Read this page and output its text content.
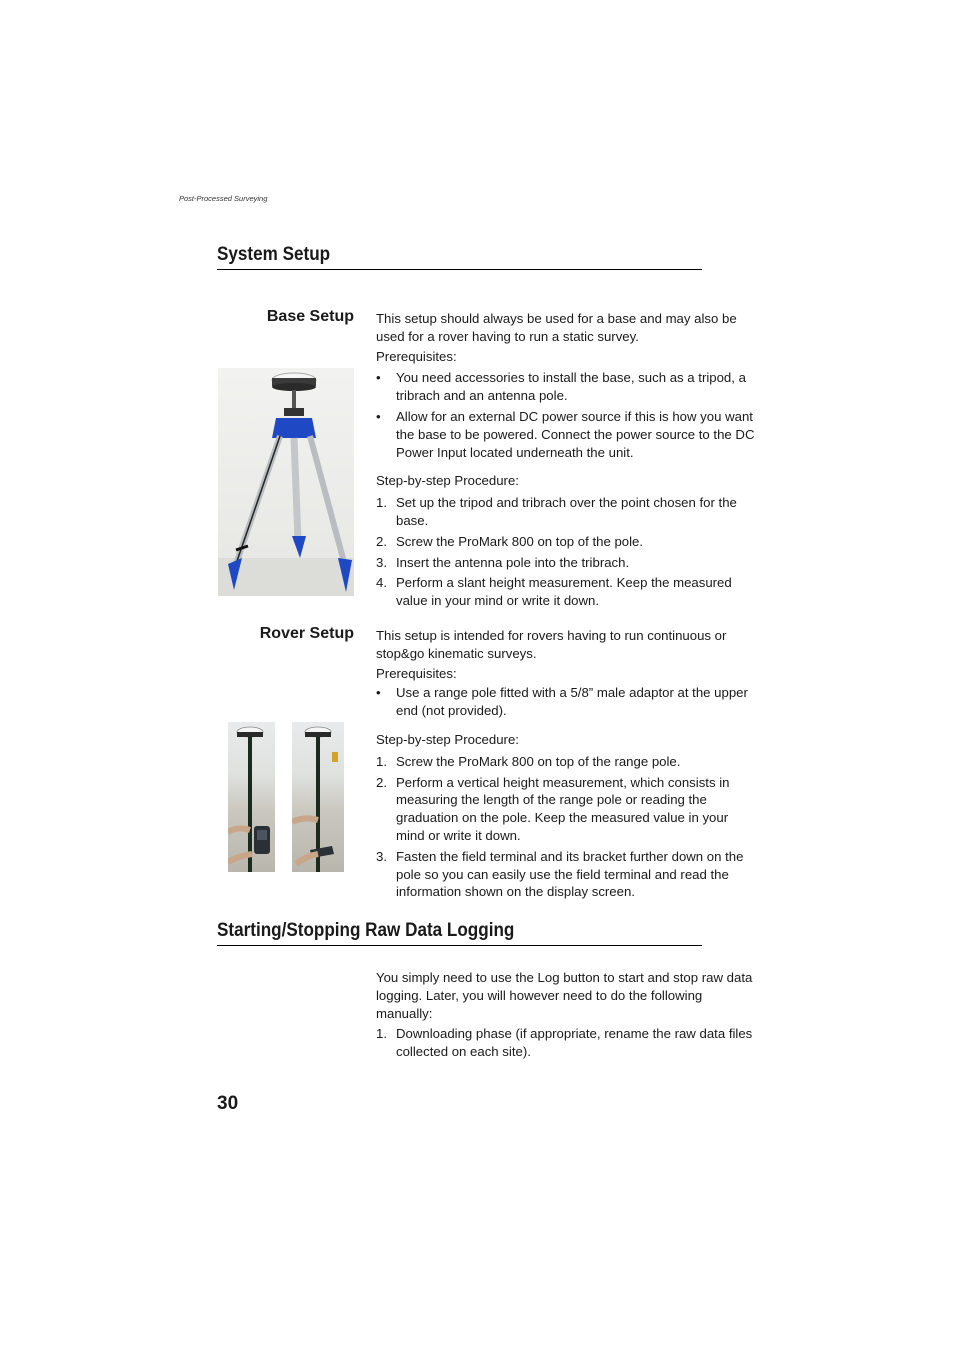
Post-Processed Surveying
System Setup
Base Setup This setup should always be used for a base and may also be used for a rover having to run a static survey.

Prerequisites:

• You need accessories to install the base, such as a tripod, a tribrach and an antenna pole.
• Allow for an external DC power source if this is how you want the base to be powered. Connect the power source to the DC Power Input located underneath the unit.

Step-by-step Procedure:

1. Set up the tripod and tribrach over the point chosen for the base.
2. Screw the ProMark 800 on top of the pole.
3. Insert the antenna pole into the tribrach.
4. Perform a slant height measurement. Keep the measured value in your mind or write it down.
Rover Setup This setup is intended for rovers having to run continuous or stop&go kinematic surveys.

Prerequisites:

• Use a range pole fitted with a 5/8” male adaptor at the upper end (not provided).

Step-by-step Procedure:

1. Screw the ProMark 800 on top of the range pole.
2. Perform a vertical height measurement, which consists in measuring the length of the range pole or reading the graduation on the pole. Keep the measured value in your mind or write it down.
3. Fasten the field terminal and its bracket further down on the pole so you can easily use the field terminal and read the information shown on the display screen.
Starting/Stopping Raw Data Logging

You simply need to use the Log button to start and stop raw data logging. Later, you will however need to do the following manually:

1. Downloading phase (if appropriate, rename the raw data files collected on each site).
30
